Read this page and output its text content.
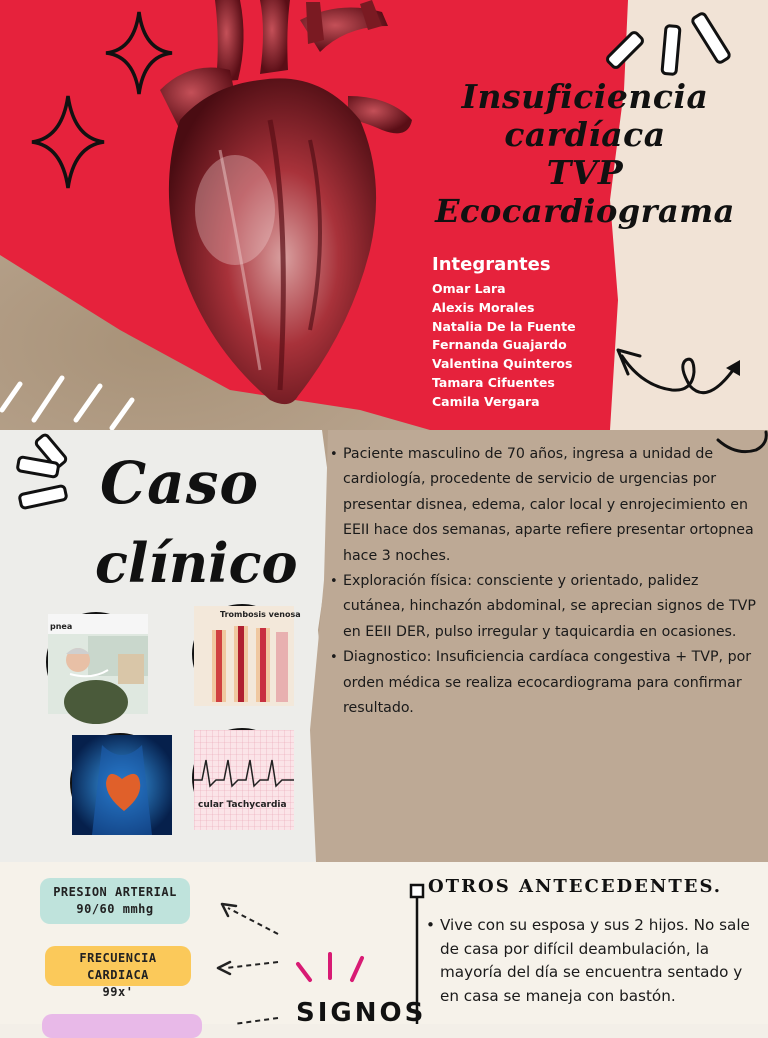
Insuficiencia
cardíaca
TVP
Ecocardiograma
Integrantes
Omar Lara
Alexis Morales
Natalia De la Fuente
Fernanda Guajardo
Valentina Quinteros
Tamara Cifuentes
Camila Vergara
Caso
clínico
pnea
Trombosis venosa
cular Tachycardia
• Paciente masculino de 70 años, ingresa a unidad de cardiología, procedente de servicio de urgencias por presentar disnea, edema, calor local y enrojecimiento en EEII hace dos semanas, aparte refiere presentar ortopnea hace 3 noches.
• Exploración física: consciente y orientado, palidez cutánea, hinchazón abdominal, se aprecian signos de TVP en EEII DER, pulso irregular y taquicardia en ocasiones.
• Diagnostico: Insuficiencia cardíaca congestiva + TVP, por orden médica se realiza ecocardiograma para confirmar resultado.
PRESION ARTERIAL
90/60 mmhg
FRECUENCIA CARDIACA
99x'
SIGNOS
OTROS ANTECEDENTES.
• Vive con su esposa y sus 2 hijos. No sale de casa por difícil deambulación, la mayoría del día se encuentra sentado y en casa se maneja con bastón.
